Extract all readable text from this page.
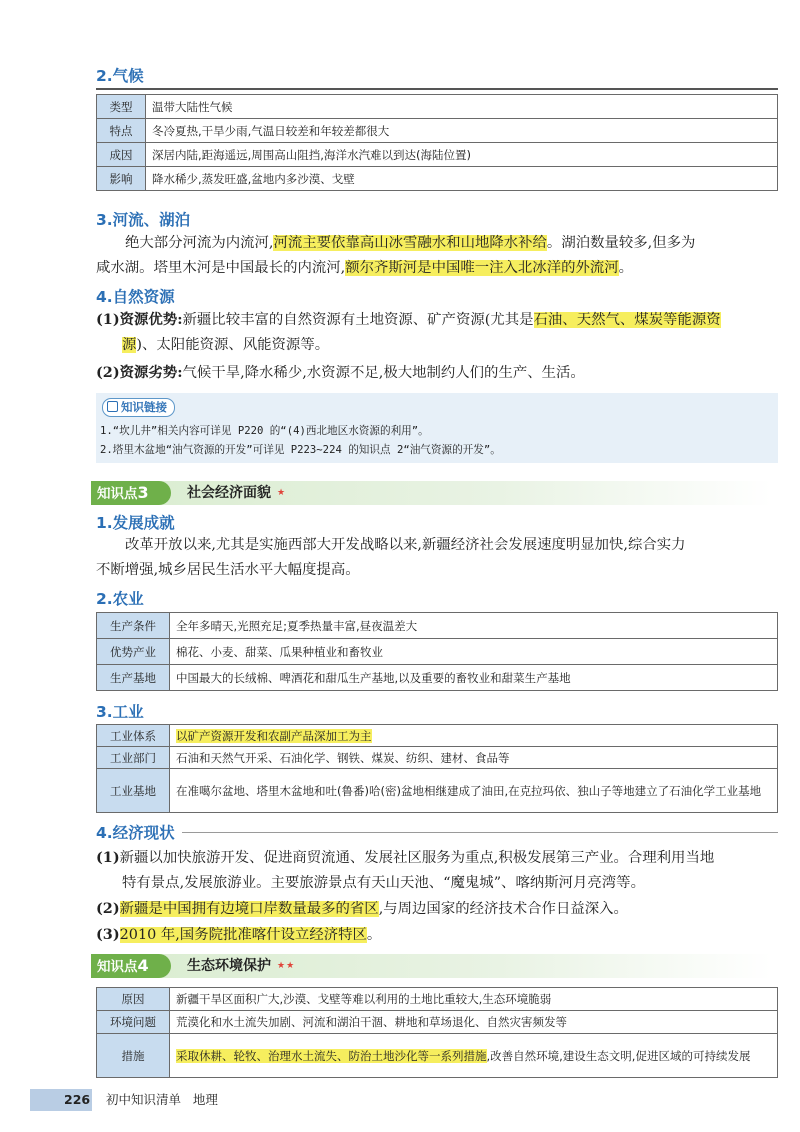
2.气候
类型	温带大陆性气候
特点	冬冷夏热,干旱少雨,气温日较差和年较差都很大
成因	深居内陆,距海遥远,周围高山阻挡,海洋水汽难以到达(海陆位置)
影响	降水稀少,蒸发旺盛,盆地内多沙漠、戈壁
3.河流、湖泊
绝大部分河流为内流河,河流主要依靠高山冰雪融水和山地降水补给。湖泊数量较多,但多为
咸水湖。塔里木河是中国最长的内流河,额尔齐斯河是中国唯一注入北冰洋的外流河。
4.自然资源
(1)资源优势:新疆比较丰富的自然资源有土地资源、矿产资源(尤其是石油、天然气、煤炭等能源资
源)、太阳能资源、风能资源等。
(2)资源劣势:气候干旱,降水稀少,水资源不足,极大地制约人们的生产、生活。
知识链接
1.“坎儿井”相关内容可详见 P220 的“(4)西北地区水资源的利用”。
2.塔里木盆地“油气资源的开发”可详见 P223~224 的知识点 2“油气资源的开发”。
知识点3	社会经济面貌 ★
1.发展成就
改革开放以来,尤其是实施西部大开发战略以来,新疆经济社会发展速度明显加快,综合实力
不断增强,城乡居民生活水平大幅度提高。
2.农业
生产条件	全年多晴天,光照充足;夏季热量丰富,昼夜温差大
优势产业	棉花、小麦、甜菜、瓜果种植业和畜牧业
生产基地	中国最大的长绒棉、啤酒花和甜瓜生产基地,以及重要的畜牧业和甜菜生产基地
3.工业
工业体系	以矿产资源开发和农副产品深加工为主
工业部门	石油和天然气开采、石油化学、钢铁、煤炭、纺织、建材、食品等
工业基地	在准噶尔盆地、塔里木盆地和吐(鲁番)哈(密)盆地相继建成了油田,在克拉玛依、独山子等地建立了石油化学工业基地
4.经济现状
(1)新疆以加快旅游开发、促进商贸流通、发展社区服务为重点,积极发展第三产业。合理利用当地
特有景点,发展旅游业。主要旅游景点有天山天池、“魔鬼城”、喀纳斯河月亮湾等。
(2)新疆是中国拥有边境口岸数量最多的省区,与周边国家的经济技术合作日益深入。
(3)2010 年,国务院批准喀什设立经济特区。
知识点4	生态环境保护 ★★
原因	新疆干旱区面积广大,沙漠、戈壁等难以利用的土地比重较大,生态环境脆弱
环境问题	荒漠化和水土流失加剧、河流和湖泊干涸、耕地和草场退化、自然灾害频发等
措施	采取休耕、轮牧、治理水土流失、防治土地沙化等一系列措施,改善自然环境,建设生态文明,促进区域的可持续发展
226 初中知识清单   地理
